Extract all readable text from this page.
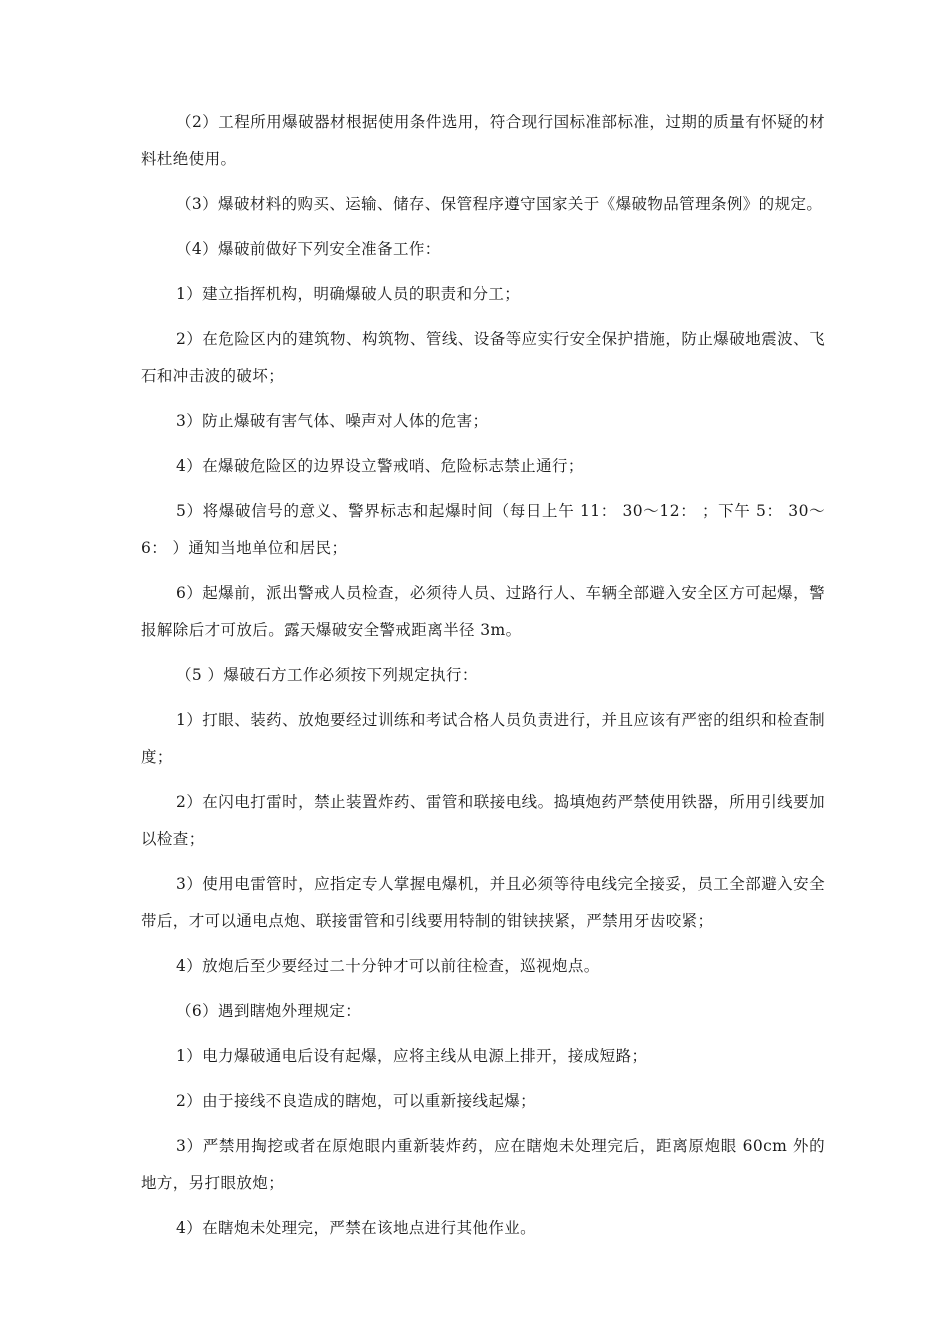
（2）工程所用爆破器材根据使用条件选用，符合现行国标准部标准，过期的质量有怀疑的材料杜绝使用。

（3）爆破材料的购买、运输、储存、保管程序遵守国家关于《爆破物品管理条例》的规定。

（4）爆破前做好下列安全准备工作：

1）建立指挥机构，明确爆破人员的职责和分工；

2）在危险区内的建筑物、构筑物、管线、设备等应实行安全保护措施，防止爆破地震波、飞石和冲击波的破坏；

3）防止爆破有害气体、噪声对人体的危害；

4）在爆破危险区的边界设立警戒哨、危险标志禁止通行；

5）将爆破信号的意义、警界标志和起爆时间（每日上午 11： 30～12： ；下午 5： 30～6： ）通知当地单位和居民；

6）起爆前，派出警戒人员检查，必须待人员、过路行人、车辆全部避入安全区方可起爆，警报解除后才可放后。露天爆破安全警戒距离半径 3m。

（5 ）爆破石方工作必须按下列规定执行：

1）打眼、装药、放炮要经过训练和考试合格人员负责进行，并且应该有严密的组织和检查制度；

2）在闪电打雷时，禁止装置炸药、雷管和联接电线。捣填炮药严禁使用铁器，所用引线要加以检查；

3）使用电雷管时，应指定专人掌握电爆机，并且必须等待电线完全接妥，员工全部避入安全带后，才可以通电点炮、联接雷管和引线要用特制的钳铗挟紧，严禁用牙齿咬紧；

4）放炮后至少要经过二十分钟才可以前往检查，巡视炮点。

（6）遇到瞎炮外理规定：

1）电力爆破通电后设有起爆，应将主线从电源上排开，接成短路；

2）由于接线不良造成的瞎炮，可以重新接线起爆；

3）严禁用掏挖或者在原炮眼内重新装炸药，应在瞎炮未处理完后，距离原炮眼 60cm 外的地方，另打眼放炮；

4）在瞎炮未处理完，严禁在该地点进行其他作业。
